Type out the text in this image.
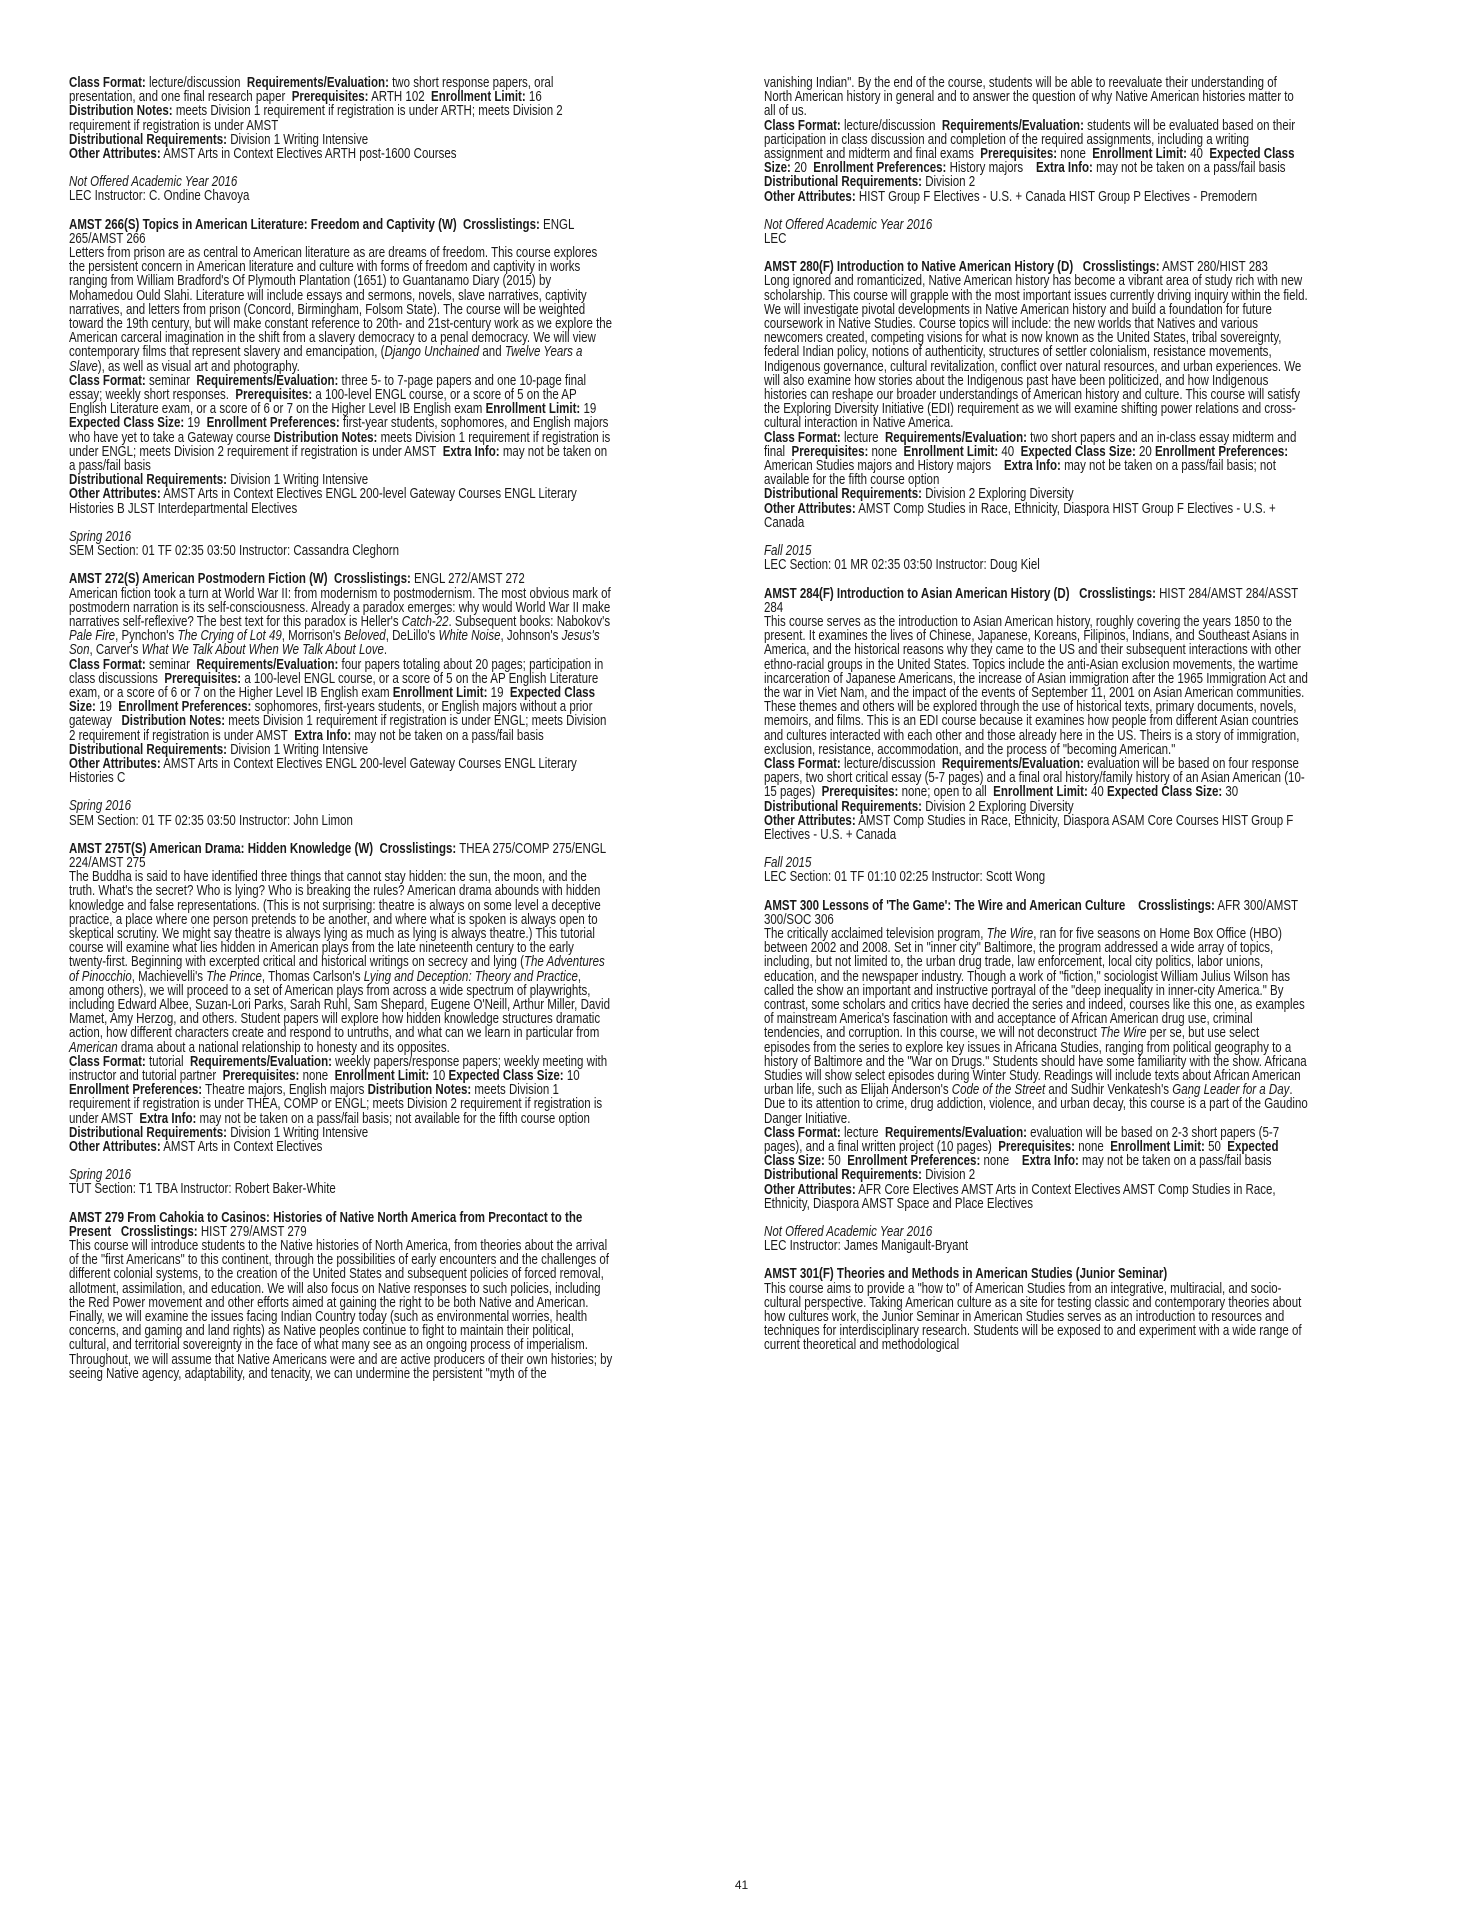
Class Format: lecture/discussion Requirements/Evaluation: two short response papers, oral presentation, and one final research paper Prerequisites: ARTH 102 Enrollment Limit: 16     Distribution Notes: meets Division 1 requirement if registration is under ARTH; meets Division 2 requirement if registration is under AMST
Distributional Requirements: Division 1 Writing Intensive
Other Attributes: AMST Arts in Context Electives ARTH post-1600 Courses

Not Offered Academic Year 2016
LEC Instructor: C. Ondine Chavoya

AMST 266(S) Topics in American Literature: Freedom and Captivity (W) Crosslistings: ENGL 265/AMST 266
Letters from prison are as central to American literature as are dreams of freedom. This course explores the persistent concern in American literature and culture with forms of freedom and captivity in works ranging from William Bradford's Of Plymouth Plantation (1651) to Guantanamo Diary (2015) by Mohamedou Ould Slahi. Literature will include essays and sermons, novels, slave narratives, captivity narratives, and letters from prison (Concord, Birmingham, Folsom State). The course will be weighted toward the 19th century, but will make constant reference to 20th- and 21st-century work as we explore the American carceral imagination in the shift from a slavery democracy to a penal democracy. We will view contemporary films that represent slavery and emancipation, (Django Unchained and Twelve Years a Slave), as well as visual art and photography.
Class Format: seminar Requirements/Evaluation: three 5- to 7-page papers and one 10-page final essay; weekly short responses. Prerequisites: a 100-level ENGL course, or a score of 5 on the AP English Literature exam, or a score of 6 or 7 on the Higher Level IB English exam Enrollment Limit: 19  Expected Class Size: 19 Enrollment Preferences: first-year students, sophomores, and English majors who have yet to take a Gateway course Distribution Notes: meets Division 1 requirement if registration is under ENGL; meets Division 2 requirement if registration is under AMST Extra Info: may not be taken on a pass/fail basis
Distributional Requirements: Division 1 Writing Intensive
Other Attributes: AMST Arts in Context Electives ENGL 200-level Gateway Courses ENGL Literary Histories B JLST Interdepartmental Electives

Spring 2016
SEM Section: 01 TF 02:35 03:50 Instructor: Cassandra Cleghorn

AMST 272(S) American Postmodern Fiction (W) Crosslistings: ENGL 272/AMST 272
American fiction took a turn at World War II: from modernism to postmodernism. The most obvious mark of postmodern narration is its self-consciousness. Already a paradox emerges: why would World War II make narratives self-reflexive? The best text for this paradox is Heller's Catch-22. Subsequent books: Nabokov's Pale Fire, Pynchon's The Crying of Lot 49, Morrison's Beloved, DeLillo's White Noise, Johnson's Jesus's Son, Carver's What We Talk About When We Talk About Love.
Class Format: seminar Requirements/Evaluation: four papers totaling about 20 pages; participation in class discussions Prerequisites: a 100-level ENGL course, or a score of 5 on the AP English Literature exam, or a score of 6 or 7 on the Higher Level IB English exam Enrollment Limit: 19 Expected Class Size: 19 Enrollment Preferences: sophomores, first-years students, or English majors without a prior gateway Distribution Notes: meets Division 1 requirement if registration is under ENGL; meets Division 2 requirement if registration is under AMST Extra Info: may not be taken on a pass/fail basis
Distributional Requirements: Division 1 Writing Intensive
Other Attributes: AMST Arts in Context Electives ENGL 200-level Gateway Courses ENGL Literary Histories C

Spring 2016
SEM Section: 01 TF 02:35 03:50 Instructor: John Limon

AMST 275T(S) American Drama: Hidden Knowledge (W) Crosslistings: THEA 275/COMP 275/ENGL 224/AMST 275
The Buddha is said to have identified three things that cannot stay hidden: the sun, the moon, and the truth. What's the secret? Who is lying? Who is breaking the rules? American drama abounds with hidden knowledge and false representations. (This is not surprising: theatre is always on some level a deceptive practice, a place where one person pretends to be another, and where what is spoken is always open to skeptical scrutiny. We might say theatre is always lying as much as lying is always theatre.) This tutorial course will examine what lies hidden in American plays from the late nineteenth century to the early twenty-first. Beginning with excerpted critical and historical writings on secrecy and lying (The Adventures of Pinocchio, Machievelli's The Prince, Thomas Carlson's Lying and Deception: Theory and Practice, among others), we will proceed to a set of American plays from across a wide spectrum of playwrights, including Edward Albee, Suzan-Lori Parks, Sarah Ruhl, Sam Shepard, Eugene O'Neill, Arthur Miller, David Mamet, Amy Herzog, and others. Student papers will explore how hidden knowledge structures dramatic action, how different characters create and respond to untruths, and what can we learn in particular from American drama about a national relationship to honesty and its opposites.
Class Format: tutorial Requirements/Evaluation: weekly papers/response papers; weekly meeting with instructor and tutorial partner Prerequisites: none Enrollment Limit: 10 Expected Class Size: 10  Enrollment Preferences: Theatre majors, English majors Distribution Notes: meets Division 1 requirement if registration is under THEA, COMP or ENGL; meets Division 2 requirement if registration is under AMST Extra Info: may not be taken on a pass/fail basis; not available for the fifth course option
Distributional Requirements: Division 1 Writing Intensive
Other Attributes: AMST Arts in Context Electives

Spring 2016
TUT Section: T1 TBA Instructor: Robert Baker-White

AMST 279 From Cahokia to Casinos: Histories of Native North America from Precontact to the Present Crosslistings: HIST 279/AMST 279
This course will introduce students to the Native histories of North America, from theories about the arrival of the "first Americans" to this continent, through the possibilities of early encounters and the challenges of different colonial systems, to the creation of the United States and subsequent policies of forced removal, allotment, assimilation, and education. We will also focus on Native responses to such policies, including the Red Power movement and other efforts aimed at gaining the right to be both Native and American. Finally, we will examine the issues facing Indian Country today (such as environmental worries, health concerns, and gaming and land rights) as Native peoples continue to fight to maintain their political, cultural, and territorial sovereignty in the face of what many see as an ongoing process of imperialism. Throughout, we will assume that Native Americans were and are active producers of their own histories; by seeing Native agency, adaptability, and tenacity, we can undermine the persistent "myth of the

vanishing Indian". By the end of the course, students will be able to reevaluate their understanding of North American history in general and to answer the question of why Native American histories matter to all of us.
Class Format: lecture/discussion Requirements/Evaluation: students will be evaluated based on their participation in class discussion and completion of the required assignments, including a writing assignment and midterm and final exams Prerequisites: none Enrollment Limit: 40 Expected Class Size: 20 Enrollment Preferences: History majors Extra Info: may not be taken on a pass/fail basis
Distributional Requirements: Division 2
Other Attributes: HIST Group F Electives - U.S. + Canada HIST Group P Electives - Premodern

Not Offered Academic Year 2016
LEC

AMST 280(F) Introduction to Native American History (D) Crosslistings: AMST 280/HIST 283
Long ignored and romanticized, Native American history has become a vibrant area of study rich with new scholarship. This course will grapple with the most important issues currently driving inquiry within the field. We will investigate pivotal developments in Native American history and build a foundation for future coursework in Native Studies. Course topics will include: the new worlds that Natives and various newcomers created, competing visions for what is now known as the United States, tribal sovereignty, federal Indian policy, notions of authenticity, structures of settler colonialism, resistance movements, Indigenous governance, cultural revitalization, conflict over natural resources, and urban experiences. We will also examine how stories about the Indigenous past have been politicized, and how Indigenous histories can reshape our broader understandings of American history and culture. This course will satisfy the Exploring Diversity Initiative (EDI) requirement as we will examine shifting power relations and cross-cultural interaction in Native America.
Class Format: lecture Requirements/Evaluation: two short papers and an in-class essay midterm and final Prerequisites: none Enrollment Limit: 40 Expected Class Size: 20 Enrollment Preferences: American Studies majors and History majors Extra Info: may not be taken on a pass/fail basis; not available for the fifth course option
Distributional Requirements: Division 2 Exploring Diversity
Other Attributes: AMST Comp Studies in Race, Ethnicity, Diaspora HIST Group F Electives - U.S. + Canada

Fall 2015
LEC Section: 01 MR 02:35 03:50 Instructor: Doug Kiel

AMST 284(F) Introduction to Asian American History (D) Crosslistings: HIST 284/AMST 284/ASST 284
This course serves as the introduction to Asian American history, roughly covering the years 1850 to the present. It examines the lives of Chinese, Japanese, Koreans, Filipinos, Indians, and Southeast Asians in America, and the historical reasons why they came to the US and their subsequent interactions with other ethno-racial groups in the United States. Topics include the anti-Asian exclusion movements, the wartime incarceration of Japanese Americans, the increase of Asian immigration after the 1965 Immigration Act and the war in Viet Nam, and the impact of the events of September 11, 2001 on Asian American communities. These themes and others will be explored through the use of historical texts, primary documents, novels, memoirs, and films. This is an EDI course because it examines how people from different Asian countries and cultures interacted with each other and those already here in the US. Theirs is a story of immigration, exclusion, resistance, accommodation, and the process of "becoming American."
Class Format: lecture/discussion Requirements/Evaluation: evaluation will be based on four response papers, two short critical essay (5-7 pages) and a final oral history/family history of an Asian American (10-15 pages) Prerequisites: none; open to all Enrollment Limit: 40 Expected Class Size: 30
Distributional Requirements: Division 2 Exploring Diversity
Other Attributes: AMST Comp Studies in Race, Ethnicity, Diaspora ASAM Core Courses HIST Group F Electives - U.S. + Canada

Fall 2015
LEC Section: 01 TF 01:10 02:25 Instructor: Scott Wong

AMST 300 Lessons of 'The Game': The Wire and American Culture Crosslistings: AFR 300/AMST 300/SOC 306
The critically acclaimed television program, The Wire, ran for five seasons on Home Box Office (HBO) between 2002 and 2008. Set in "inner city" Baltimore, the program addressed a wide array of topics, including, but not limited to, the urban drug trade, law enforcement, local city politics, labor unions, education, and the newspaper industry. Though a work of "fiction," sociologist William Julius Wilson has called the show an important and instructive portrayal of the "deep inequality in inner-city America." By contrast, some scholars and critics have decried the series and indeed, courses like this one, as examples of mainstream America's fascination with and acceptance of African American drug use, criminal tendencies, and corruption. In this course, we will not deconstruct The Wire per se, but use select episodes from the series to explore key issues in Africana Studies, ranging from political geography to a history of Baltimore and the "War on Drugs." Students should have some familiarity with the show. Africana Studies will show select episodes during Winter Study. Readings will include texts about African American urban life, such as Elijah Anderson's Code of the Street and Sudhir Venkatesh's Gang Leader for a Day. Due to its attention to crime, drug addiction, violence, and urban decay, this course is a part of the Gaudino Danger Initiative.
Class Format: lecture Requirements/Evaluation: evaluation will be based on 2-3 short papers (5-7 pages), and a final written project (10 pages) Prerequisites: none Enrollment Limit: 50 Expected Class Size: 50 Enrollment Preferences: none Extra Info: may not be taken on a pass/fail basis
Distributional Requirements: Division 2
Other Attributes: AFR Core Electives AMST Arts in Context Electives AMST Comp Studies in Race, Ethnicity, Diaspora AMST Space and Place Electives

Not Offered Academic Year 2016
LEC Instructor: James Manigault-Bryant

AMST 301(F) Theories and Methods in American Studies (Junior Seminar)
This course aims to provide a "how to" of American Studies from an integrative, multiracial, and socio-cultural perspective. Taking American culture as a site for testing classic and contemporary theories about how cultures work, the Junior Seminar in American Studies serves as an introduction to resources and techniques for interdisciplinary research. Students will be exposed to and experiment with a wide range of current theoretical and methodological

41
